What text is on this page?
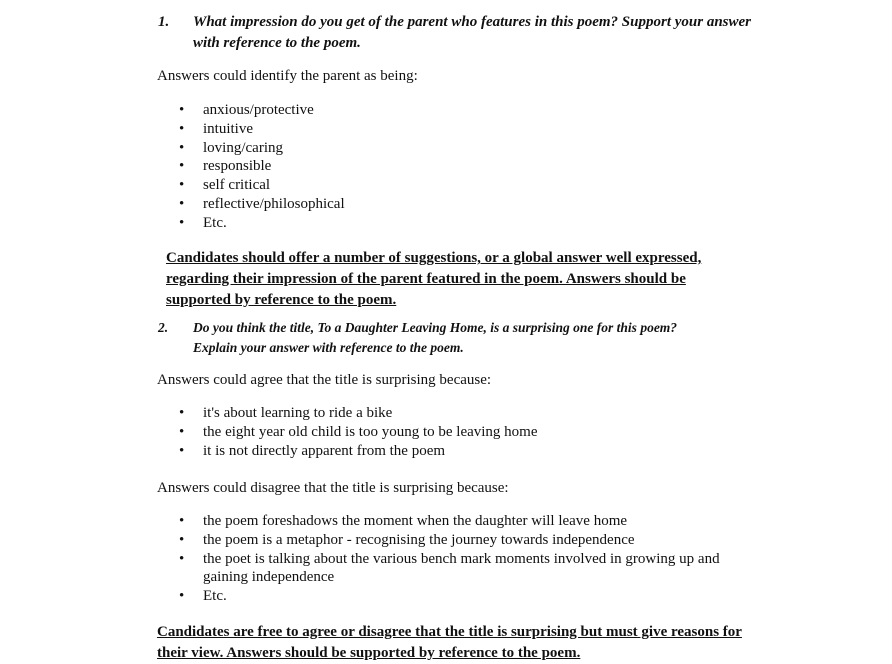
1. What impression do you get of the parent who features in this poem? Support your answer with reference to the poem.

Answers could identify the parent as being:

• anxious/protective
• intuitive
• loving/caring
• responsible
• self critical
• reflective/philosophical
• Etc.

Candidates should offer a number of suggestions, or a global answer well expressed, regarding their impression of the parent featured in the poem. Answers should be supported by reference to the poem.

2. Do you think the title, To a Daughter Leaving Home, is a surprising one for this poem? Explain your answer with reference to the poem.

Answers could agree that the title is surprising because:

• it's about learning to ride a bike
• the eight year old child is too young to be leaving home
• it is not directly apparent from the poem

Answers could disagree that the title is surprising because:

• the poem foreshadows the moment when the daughter will leave home
• the poem is a metaphor - recognising the journey towards independence
• the poet is talking about the various bench mark moments involved in growing up and gaining independence
• Etc.

Candidates are free to agree or disagree that the title is surprising but must give reasons for their view. Answers should be supported by reference to the poem.
